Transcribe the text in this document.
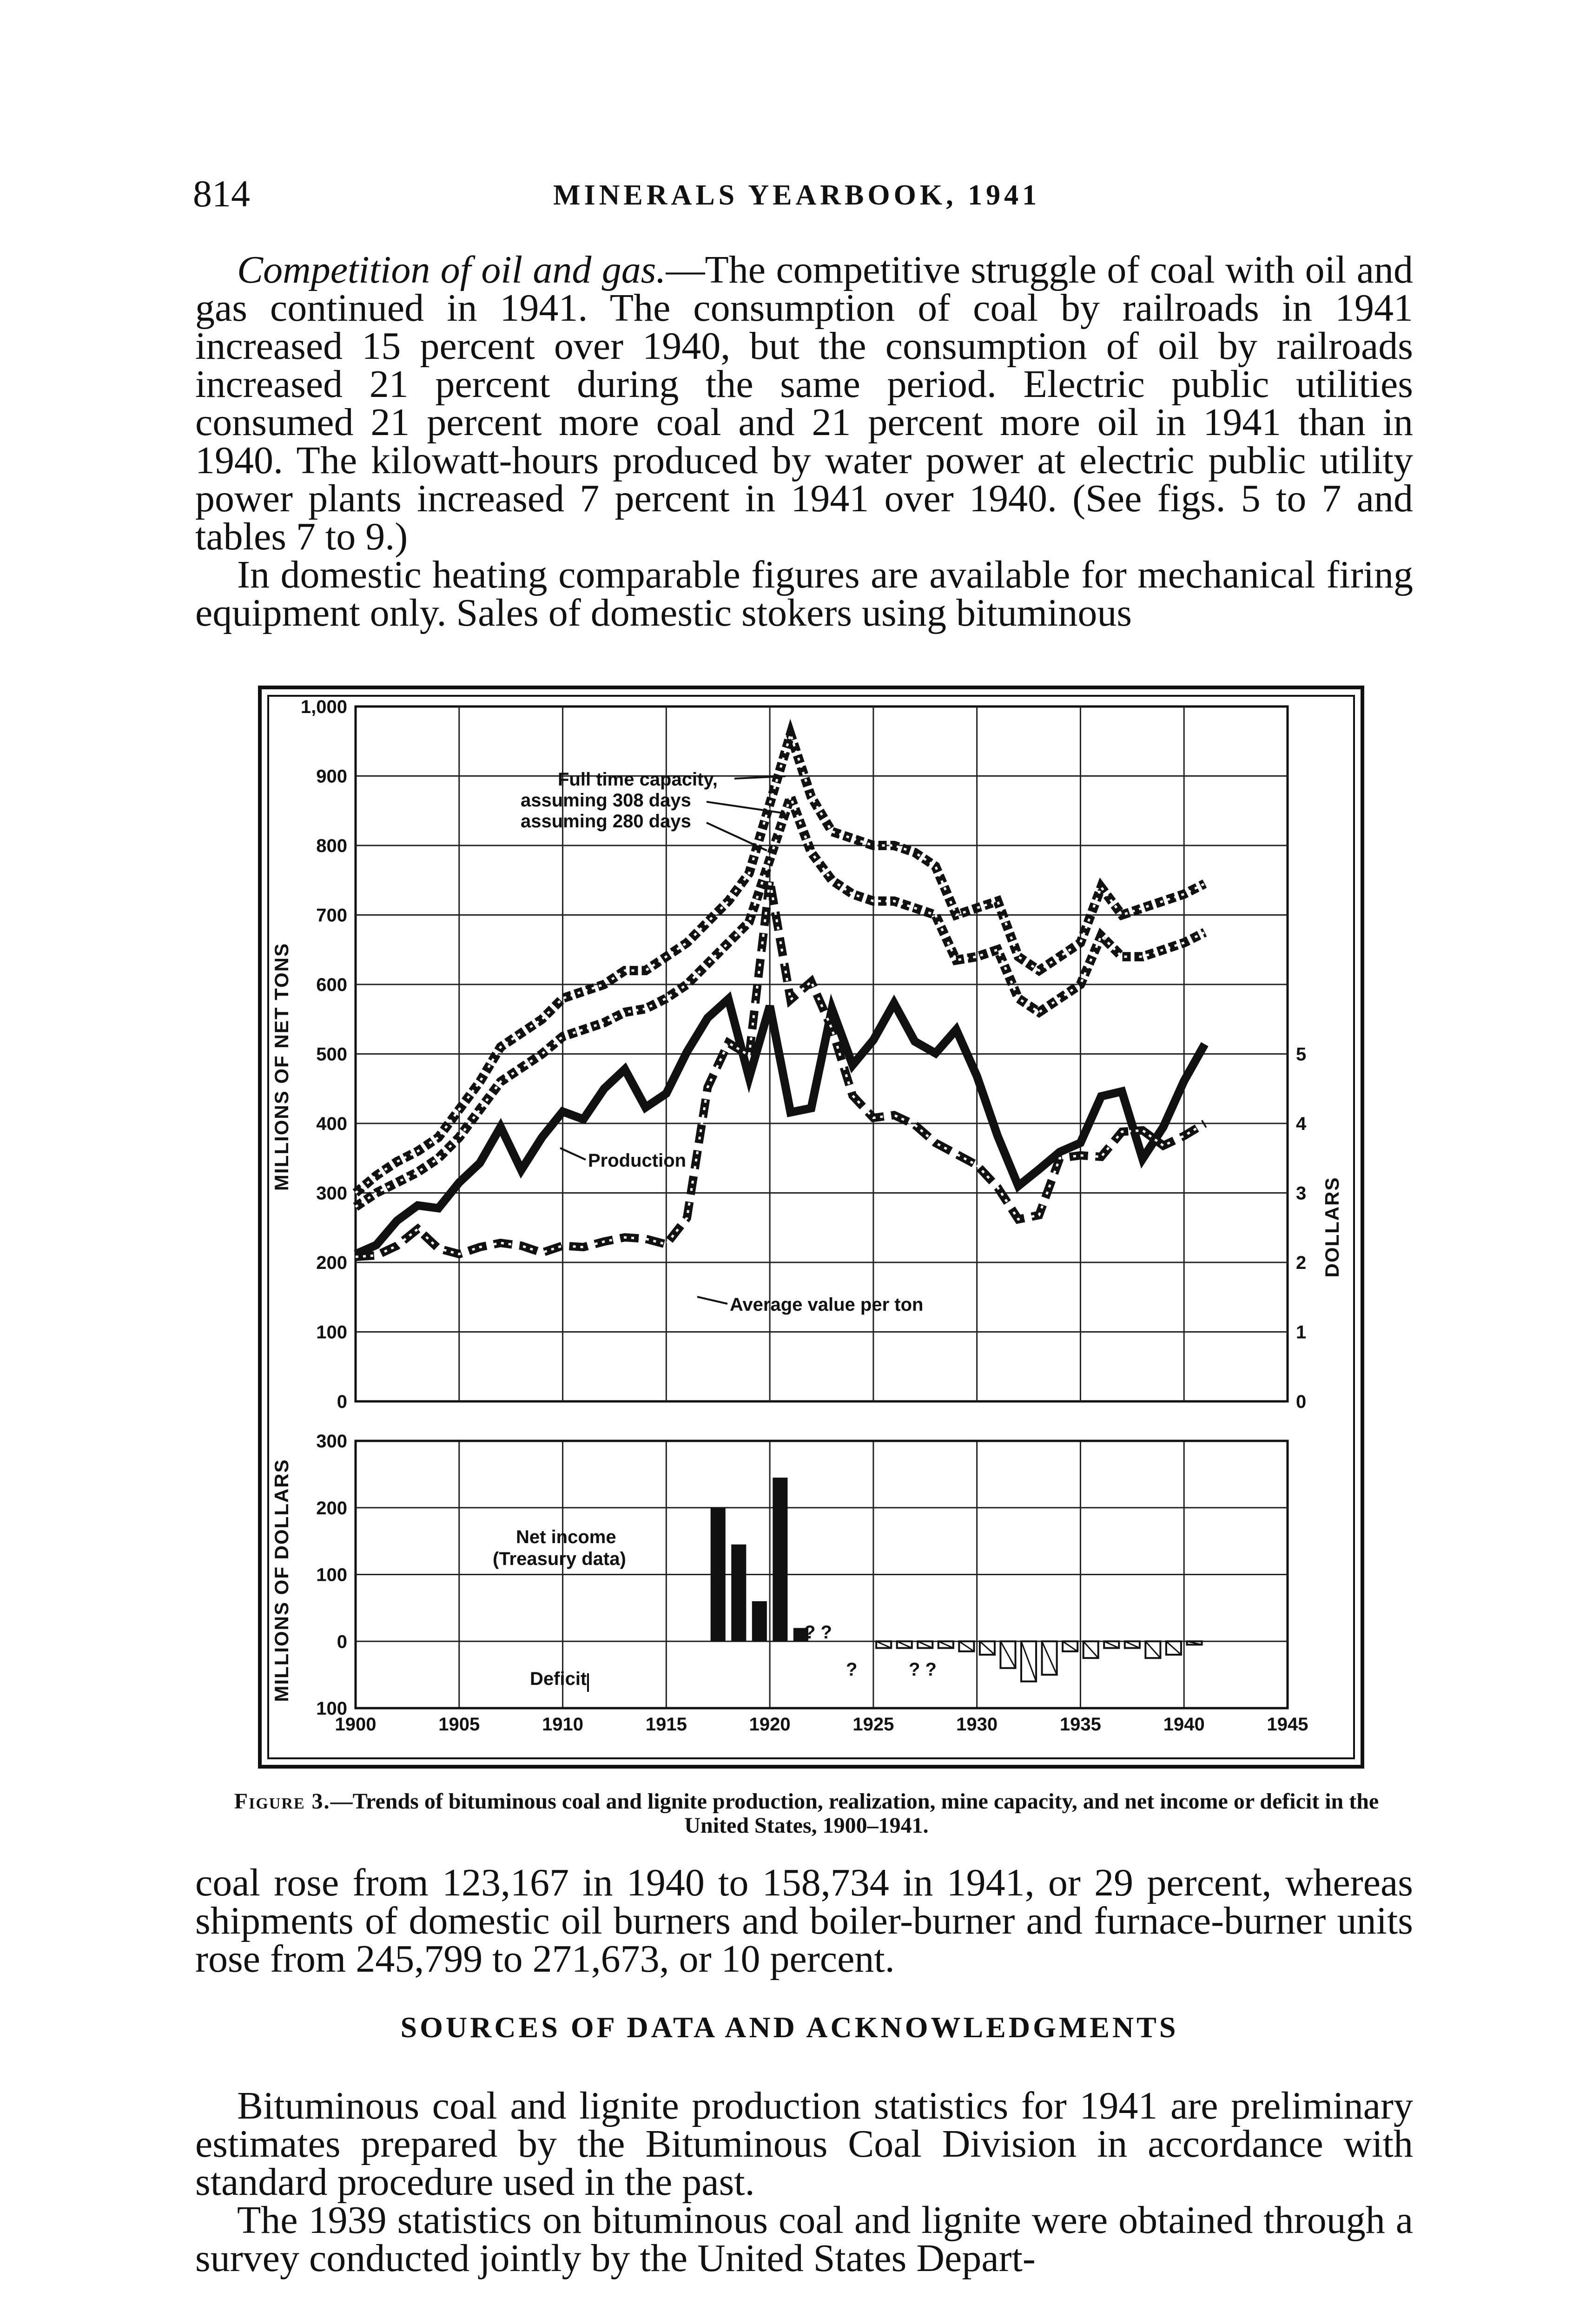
814	MINERALS YEARBOOK, 1941

Competition of oil and gas.—The competitive struggle of coal with oil and gas continued in 1941. The consumption of coal by railroads in 1941 increased 15 percent over 1940, but the consumption of oil by railroads increased 21 percent during the same period. Electric public utilities consumed 21 percent more coal and 21 percent more oil in 1941 than in 1940. The kilowatt-hours produced by water power at electric public utility power plants increased 7 percent in 1941 over 1940. (See figs. 5 to 7 and tables 7 to 9.)

In domestic heating comparable figures are available for mechanical firing equipment only. Sales of domestic stokers using bituminous

0
100
200
300
400
500
600
700
800
900
1,000
0
1
2
3
4
5
100
0
100
200
300
1900	1905	1910	1915	1920	1925	1930	1935	1940	1945
MILLIONS OF NET TONS
DOLLARS
MILLIONS OF DOLLARS
Full time capacity,
assuming 308 days
assuming 280 days
Production
Average value per ton
Net income
(Treasury data)
Deficit
? ?
?	? ?
Figure 3.—Trends of bituminous coal and lignite production, realization, mine capacity, and net income or deficit in the United States, 1900–1941.

coal rose from 123,167 in 1940 to 158,734 in 1941, or 29 percent, whereas shipments of domestic oil burners and boiler-burner and furnace-burner units rose from 245,799 to 271,673, or 10 percent.

SOURCES OF DATA AND ACKNOWLEDGMENTS

Bituminous coal and lignite production statistics for 1941 are preliminary estimates prepared by the Bituminous Coal Division in accordance with standard procedure used in the past.

The 1939 statistics on bituminous coal and lignite were obtained through a survey conducted jointly by the United States Depart-
